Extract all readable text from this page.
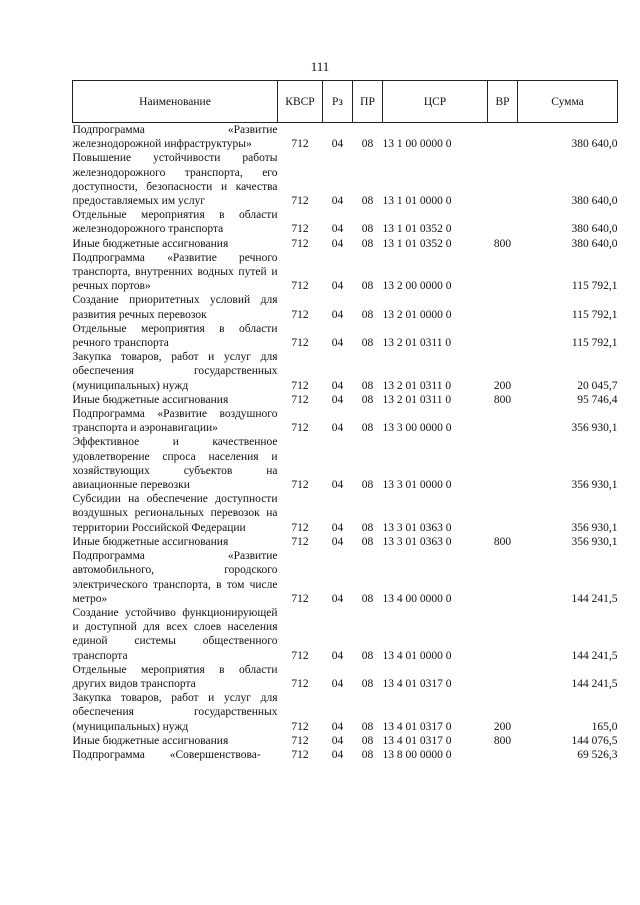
111
Наименование	КВСР	Рз	ПР	ЦСР	ВР	Сумма
Подпрограмма «Развитие железнодорожной инфраструктуры»	712	04	08	13 1 00 0000 0		380 640,0
Повышение устойчивости работы железнодорожного транспорта, его доступности, безопасности и качества предоставляемых им услуг	712	04	08	13 1 01 0000 0		380 640,0
Отдельные мероприятия в области железнодорожного транспорта	712	04	08	13 1 01 0352 0		380 640,0
Иные бюджетные ассигнования	712	04	08	13 1 01 0352 0	800	380 640,0
Подпрограмма «Развитие речного транспорта, внутренних водных путей и речных портов»	712	04	08	13 2 00 0000 0		115 792,1
Создание приоритетных условий для развития речных перевозок	712	04	08	13 2 01 0000 0		115 792,1
Отдельные мероприятия в области речного транспорта	712	04	08	13 2 01 0311 0		115 792,1
Закупка товаров, работ и услуг для обеспечения государственных (муниципальных) нужд	712	04	08	13 2 01 0311 0	200	20 045,7
Иные бюджетные ассигнования	712	04	08	13 2 01 0311 0	800	95 746,4
Подпрограмма «Развитие воздушного транспорта и аэронавигации»	712	04	08	13 3 00 0000 0		356 930,1
Эффективное и качественное удовлетворение спроса населения и хозяйствующих субъектов на авиационные перевозки	712	04	08	13 3 01 0000 0		356 930,1
Субсидии на обеспечение доступности воздушных региональных перевозок на территории Российской Федерации	712	04	08	13 3 01 0363 0		356 930,1
Иные бюджетные ассигнования	712	04	08	13 3 01 0363 0	800	356 930,1
Подпрограмма «Развитие автомобильного, городского электрического транспорта, в том числе метро»	712	04	08	13 4 00 0000 0		144 241,5
Создание устойчиво функционирующей и доступной для всех слоев населения единой системы общественного транспорта	712	04	08	13 4 01 0000 0		144 241,5
Отдельные мероприятия в области других видов транспорта	712	04	08	13 4 01 0317 0		144 241,5
Закупка товаров, работ и услуг для обеспечения государственных (муниципальных) нужд	712	04	08	13 4 01 0317 0	200	165,0
Иные бюджетные ассигнования	712	04	08	13 4 01 0317 0	800	144 076,5
Подпрограмма «Совершенствова-	712	04	08	13 8 00 0000 0		69 526,3
